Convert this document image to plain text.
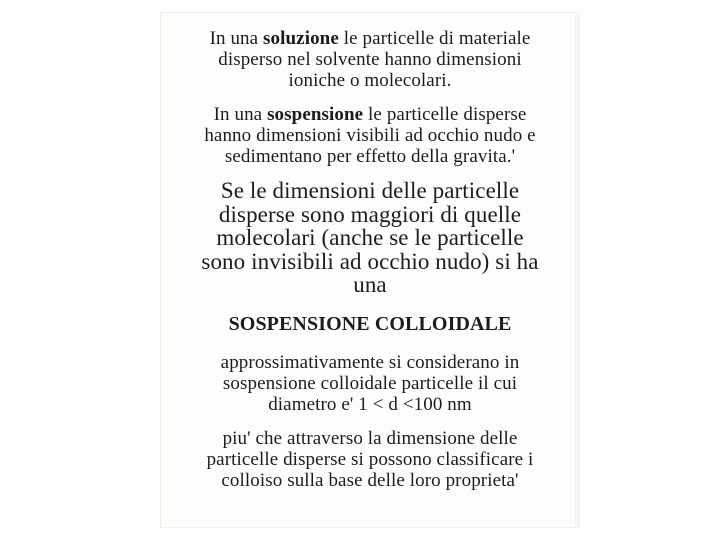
In una soluzione le particelle di materiale
disperso nel solvente hanno dimensioni
ioniche o molecolari.
In una sospensione le particelle disperse
hanno dimensioni visibili ad occhio nudo e
sedimentano per effetto della gravita.'
Se le dimensioni delle particelle
disperse sono maggiori di quelle
molecolari (anche se le particelle
sono invisibili ad occhio nudo) si ha
una
SOSPENSIONE COLLOIDALE
approssimativamente si considerano in
sospensione colloidale particelle il cui
diametro e' 1 < d <100 nm
piu' che attraverso la dimensione delle
particelle disperse si possono classificare i
colloiso sulla base delle loro proprieta'
